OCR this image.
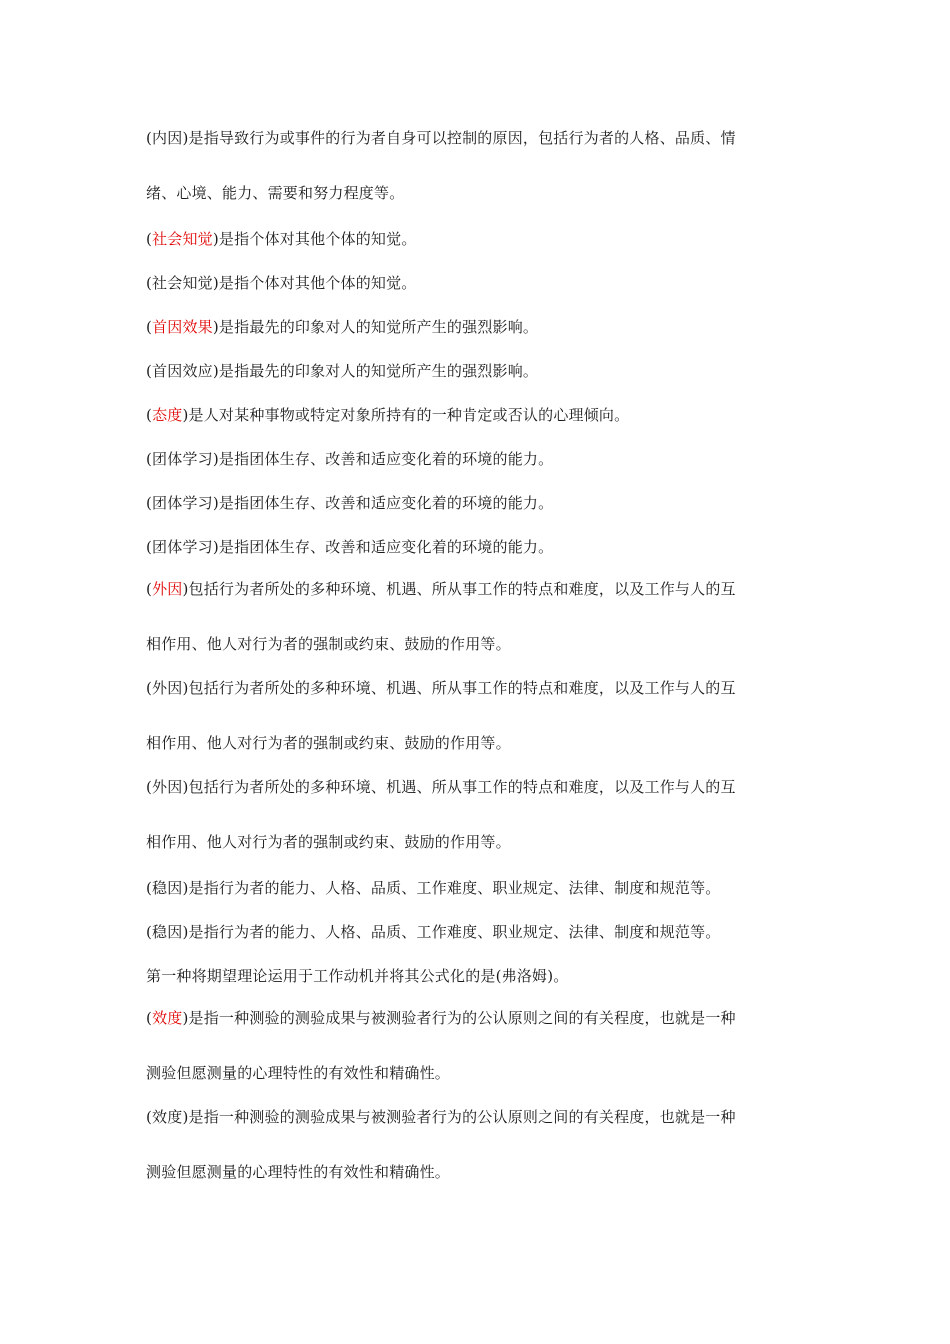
(内因)是指导致行为或事件的行为者自身可以控制的原因，包括行为者的人格、品质、情
绪、心境、能力、需要和努力程度等。
(社会知觉)是指个体对其他个体的知觉。
(社会知觉)是指个体对其他个体的知觉。
(首因效果)是指最先的印象对人的知觉所产生的强烈影响。
(首因效应)是指最先的印象对人的知觉所产生的强烈影响。
(态度)是人对某种事物或特定对象所持有的一种肯定或否认的心理倾向。
(团体学习)是指团体生存、改善和适应变化着的环境的能力。
(团体学习)是指团体生存、改善和适应变化着的环境的能力。
(团体学习)是指团体生存、改善和适应变化着的环境的能力。
(外因)包括行为者所处的多种环境、机遇、所从事工作的特点和难度，以及工作与人的互
相作用、他人对行为者的强制或约束、鼓励的作用等。
(外因)包括行为者所处的多种环境、机遇、所从事工作的特点和难度，以及工作与人的互
相作用、他人对行为者的强制或约束、鼓励的作用等。
(外因)包括行为者所处的多种环境、机遇、所从事工作的特点和难度，以及工作与人的互
相作用、他人对行为者的强制或约束、鼓励的作用等。
(稳因)是指行为者的能力、人格、品质、工作难度、职业规定、法律、制度和规范等。
(稳因)是指行为者的能力、人格、品质、工作难度、职业规定、法律、制度和规范等。
第一种将期望理论运用于工作动机并将其公式化的是(弗洛姆)。
(效度)是指一种测验的测验成果与被测验者行为的公认原则之间的有关程度，也就是一种
测验但愿测量的心理特性的有效性和精确性。
(效度)是指一种测验的测验成果与被测验者行为的公认原则之间的有关程度，也就是一种
测验但愿测量的心理特性的有效性和精确性。
